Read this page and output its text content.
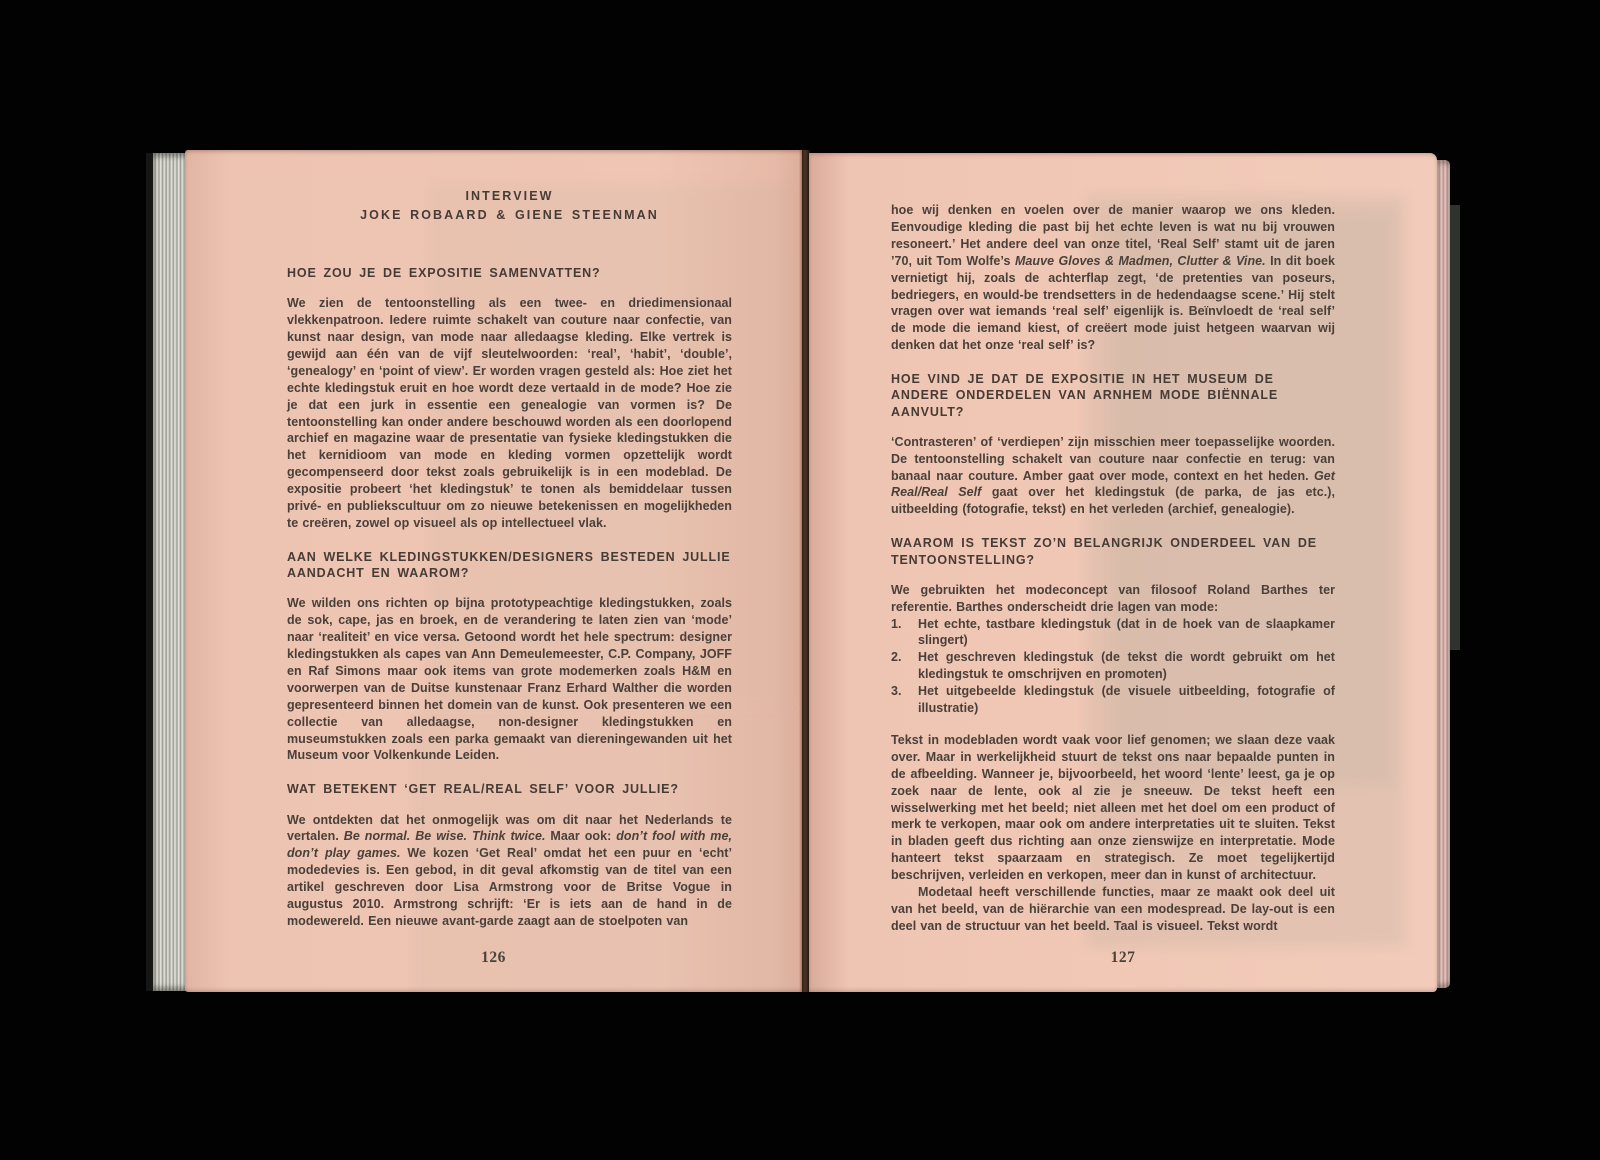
INTERVIEW
JOKE ROBAARD & GIENE STEENMAN
HOE ZOU JE DE EXPOSITIE SAMENVATTEN?

We zien de tentoonstelling als een twee- en driedimensionaal vlekkenpatroon. Iedere ruimte schakelt van couture naar confectie, van kunst naar design, van mode naar alledaagse kleding. Elke vertrek is gewijd aan één van de vijf sleutelwoorden: ‘real’, ‘habit’, ‘double’, ‘genealogy’ en ‘point of view’. Er worden vragen gesteld als: Hoe ziet het echte kledingstuk eruit en hoe wordt deze vertaald in de mode? Hoe zie je dat een jurk in essentie een genealogie van vormen is? De tentoonstelling kan onder andere beschouwd worden als een doorlopend archief en magazine waar de presentatie van fysieke kledingstukken die het kernidioom van mode en kleding vormen opzettelijk wordt gecompenseerd door tekst zoals gebruikelijk is in een modeblad. De expositie probeert ‘het kledingstuk’ te tonen als bemiddelaar tussen privé- en publiekscultuur om zo nieuwe betekenissen en mogelijkheden te creëren, zowel op visueel als op intellectueel vlak.

AAN WELKE KLEDINGSTUKKEN/DESIGNERS BESTEDEN JULLIE AANDACHT EN WAAROM?

We wilden ons richten op bijna prototypeachtige kledingstukken, zoals de sok, cape, jas en broek, en de verandering te laten zien van ‘mode’ naar ‘realiteit’ en vice versa. Getoond wordt het hele spectrum: designer kledingstukken als capes van Ann Demeulemeester, C.P. Company, JOFF en Raf Simons maar ook items van grote modemerken zoals H&M en voorwerpen van de Duitse kunstenaar Franz Erhard Walther die worden gepresenteerd binnen het domein van de kunst. Ook presenteren we een collectie van alledaagse, non-designer kledingstukken en museumstukken zoals een parka gemaakt van diereningewanden uit het Museum voor Volkenkunde Leiden.

WAT BETEKENT ‘GET REAL/REAL SELF’ VOOR JULLIE?

We ontdekten dat het onmogelijk was om dit naar het Nederlands te vertalen. Be normal. Be wise. Think twice. Maar ook: don’t fool with me, don’t play games. We kozen ‘Get Real’ omdat het een puur en ‘echt’ modedevies is. Een gebod, in dit geval afkomstig van de titel van een artikel geschreven door Lisa Armstrong voor de Britse Vogue in augustus 2010. Armstrong schrijft: ‘Er is iets aan de hand in de modewereld. Een nieuwe avant-garde zaagt aan de stoelpoten van

126

hoe wij denken en voelen over de manier waarop we ons kleden. Eenvoudige kleding die past bij het echte leven is wat nu bij vrouwen resoneert.’ Het andere deel van onze titel, ‘Real Self’ stamt uit de jaren ’70, uit Tom Wolfe’s Mauve Gloves & Madmen, Clutter & Vine. In dit boek vernietigt hij, zoals de achterflap zegt, ‘de pretenties van poseurs, bedriegers, en would-be trendsetters in de hedendaagse scene.’ Hij stelt vragen over wat iemands ‘real self’ eigenlijk is. Beïnvloedt de ‘real self’ de mode die iemand kiest, of creëert mode juist hetgeen waarvan wij denken dat het onze ‘real self’ is?

HOE VIND JE DAT DE EXPOSITIE IN HET MUSEUM DE ANDERE ONDERDELEN VAN ARNHEM MODE BIËNNALE AANVULT?

‘Contrasteren’ of ‘verdiepen’ zijn misschien meer toepasselijke woorden. De tentoonstelling schakelt van couture naar confectie en terug: van banaal naar couture. Amber gaat over mode, context en het heden. Get Real/Real Self gaat over het kledingstuk (de parka, de jas etc.), uitbeelding (fotografie, tekst) en het verleden (archief, genealogie).

WAAROM IS TEKST ZO’N BELANGRIJK ONDERDEEL VAN DE TENTOONSTELLING?

We gebruikten het modeconcept van filosoof Roland Barthes ter referentie. Barthes onderscheidt drie lagen van mode:

1.	Het echte, tastbare kledingstuk (dat in de hoek van de slaapkamer slingert)
2.	Het geschreven kledingstuk (de tekst die wordt gebruikt om het kledingstuk te omschrijven en promoten)
3.	Het uitgebeelde kledingstuk (de visuele uitbeelding, fotografie of illustratie)

Tekst in modebladen wordt vaak voor lief genomen; we slaan deze vaak over. Maar in werkelijkheid stuurt de tekst ons naar bepaalde punten in de afbeelding. Wanneer je, bijvoorbeeld, het woord ‘lente’ leest, ga je op zoek naar de lente, ook al zie je sneeuw. De tekst heeft een wisselwerking met het beeld; niet alleen met het doel om een product of merk te verkopen, maar ook om andere interpretaties uit te sluiten. Tekst in bladen geeft dus richting aan onze zienswijze en interpretatie. Mode hanteert tekst spaarzaam en strategisch. Ze moet tegelijkertijd beschrijven, verleiden en verkopen, meer dan in kunst of architectuur.

Modetaal heeft verschillende functies, maar ze maakt ook deel uit van het beeld, van de hiërarchie van een modespread. De lay-out is een deel van de structuur van het beeld. Taal is visueel. Tekst wordt

127
